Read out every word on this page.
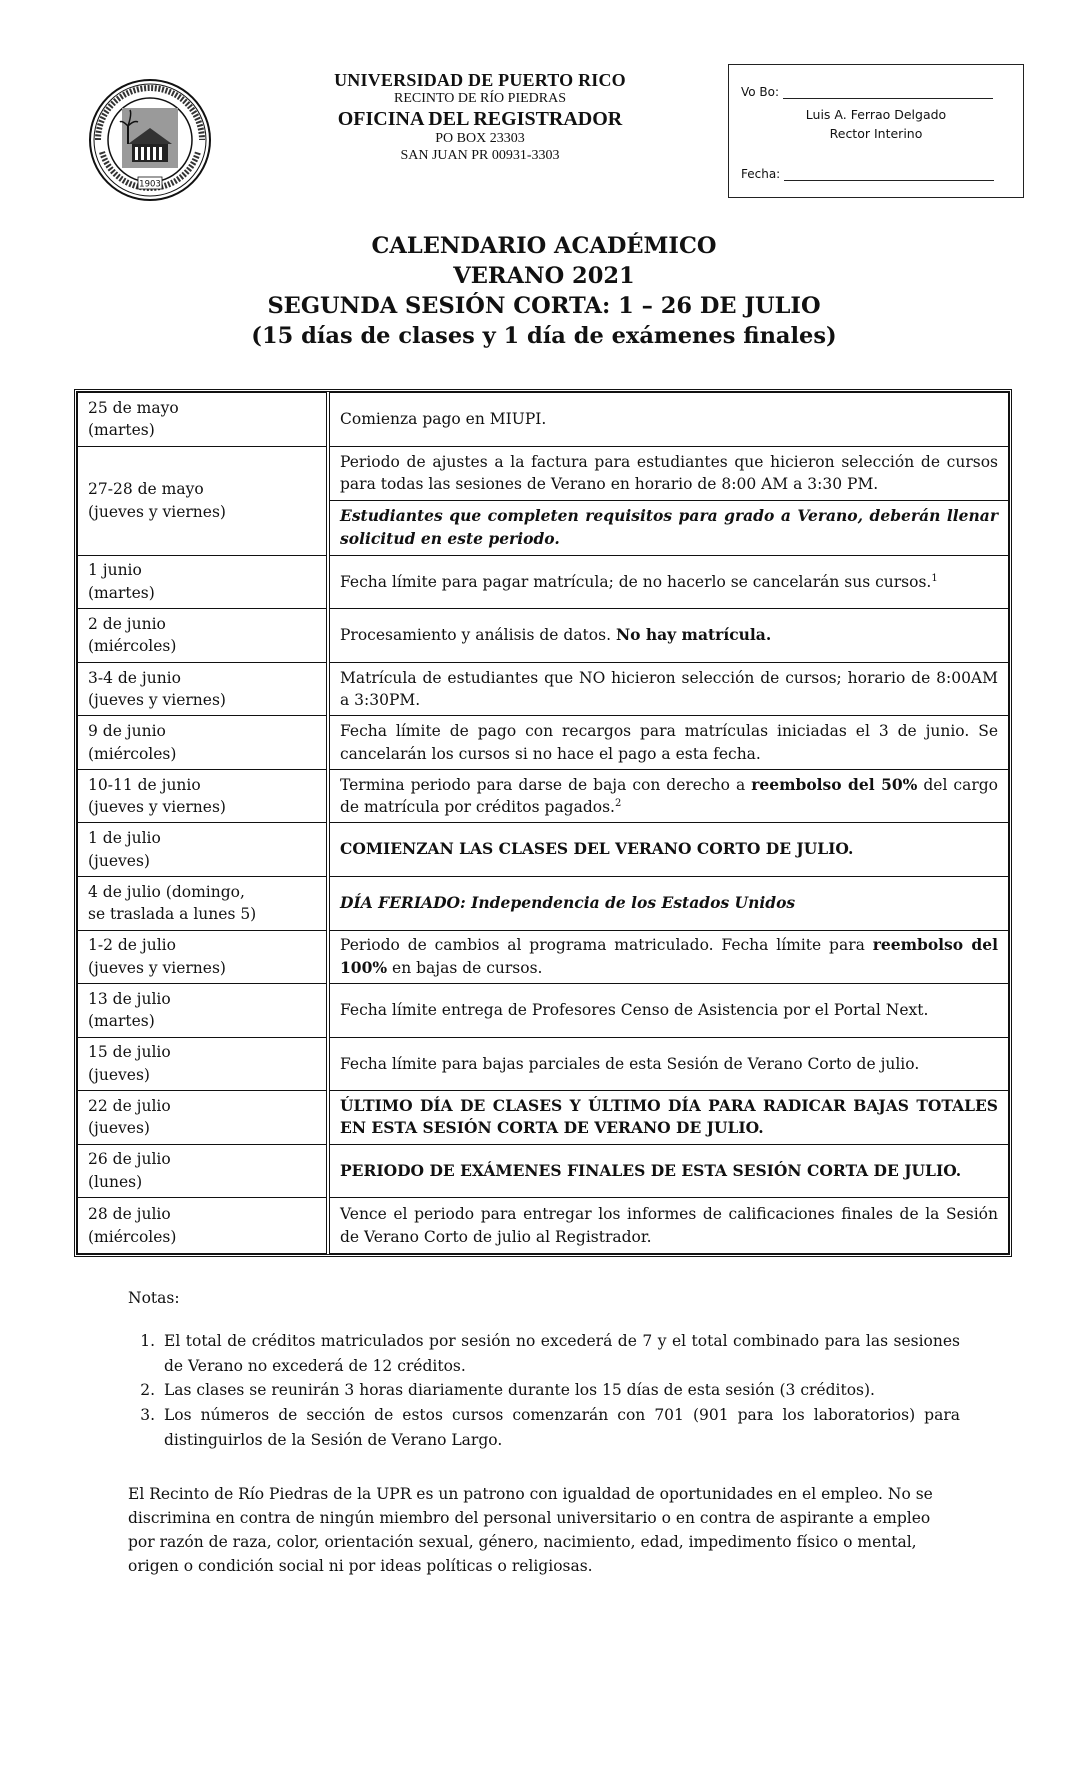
1903
UNIVERSIDAD DE PUERTO RICO
RECINTO DE RÍO PIEDRAS
OFICINA DEL REGISTRADOR
PO BOX 23303
SAN JUAN PR 00931-3303
Vo Bo:
Luis A. Ferrao Delgado
Rector Interino
Fecha:
CALENDARIO ACADÉMICO
VERANO 2021
SEGUNDA SESIÓN CORTA: 1 – 26 DE JULIO
(15 días de clases y 1 día de exámenes finales)
25 de mayo
(martes)	Comienza pago en MIUPI.

27-28 de mayo
(jueves y viernes)	Periodo de ajustes a la factura para estudiantes que hicieron selección de cursos para todas las sesiones de Verano en horario de 8:00 AM a 3:30 PM.
	Estudiantes que completen requisitos para grado a Verano, deberán llenar solicitud en este periodo.

1 junio
(martes)	Fecha límite para pagar matrícula; de no hacerlo se cancelarán sus cursos.$^1$

2 de junio
(miércoles)	Procesamiento y análisis de datos. No hay matrícula.

3-4 de junio
(jueves y viernes)	Matrícula de estudiantes que NO hicieron selección de cursos; horario de 8:00AM a 3:30PM.

9 de junio
(miércoles)	Fecha límite de pago con recargos para matrículas iniciadas el 3 de junio. Se cancelarán los cursos si no hace el pago a esta fecha.

10-11 de junio
(jueves y viernes)	Termina periodo para darse de baja con derecho a reembolso del 50% del cargo de matrícula por créditos pagados.$^2$

1 de julio
(jueves)	COMIENZAN LAS CLASES DEL VERANO CORTO DE JULIO.

4 de julio (domingo,
se traslada a lunes 5)	DÍA FERIADO: Independencia de los Estados Unidos

1-2 de julio
(jueves y viernes)	Periodo de cambios al programa matriculado. Fecha límite para reembolso del 100% en bajas de cursos.

13 de julio
(martes)	Fecha límite entrega de Profesores Censo de Asistencia por el Portal Next.

15 de julio
(jueves)	Fecha límite para bajas parciales de esta Sesión de Verano Corto de julio.

22 de julio
(jueves)	ÚLTIMO DÍA DE CLASES Y ÚLTIMO DÍA PARA RADICAR BAJAS TOTALES EN ESTA SESIÓN CORTA DE VERANO DE JULIO.

26 de julio
(lunes)	PERIODO DE EXÁMENES FINALES DE ESTA SESIÓN CORTA DE JULIO.

28 de julio
(miércoles)	Vence el periodo para entregar los informes de calificaciones finales de la Sesión de Verano Corto de julio al Registrador.
Notas:
1. El total de créditos matriculados por sesión no excederá de 7 y el total combinado para las sesiones de Verano no excederá de 12 créditos.
2. Las clases se reunirán 3 horas diariamente durante los 15 días de esta sesión (3 créditos).
3. Los números de sección de estos cursos comenzarán con 701 (901 para los laboratorios) para distinguirlos de la Sesión de Verano Largo.
El Recinto de Río Piedras de la UPR es un patrono con igualdad de oportunidades en el empleo. No se discrimina en contra de ningún miembro del personal universitario o en contra de aspirante a empleo por razón de raza, color, orientación sexual, género, nacimiento, edad, impedimento físico o mental, origen o condición social ni por ideas políticas o religiosas.
